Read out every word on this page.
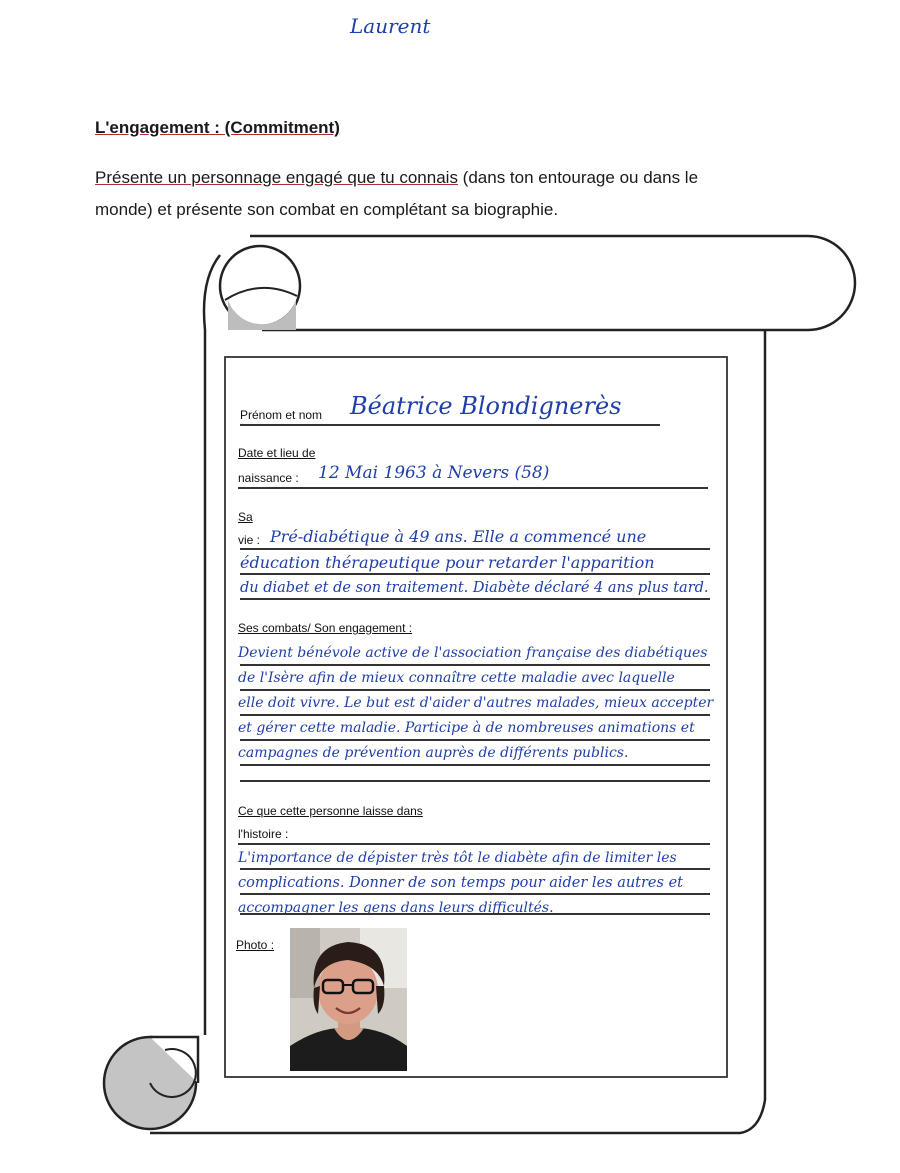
Laurent
L'engagement : (Commitment)
Présente un personnage engagé que tu connais (dans ton entourage ou dans le
monde) et présente son combat en complétant sa biographie.
Prénom et nom Béatrice Blondignerès
Date et lieu de
naissance : 12 Mai 1963 à Nevers (58)
Sa
vie : Pré-diabétique à 49 ans. Elle a commencé une
éducation thérapeutique pour retarder l'apparition
du diabet et de son traitement. Diabète déclaré 4 ans plus tard.
Ses combats/ Son engagement :
Devient bénévole active de l'association française des diabétiques
de l'Isère afin de mieux connaître cette maladie avec laquelle
elle doit vivre. Le but est d'aider d'autres malades, mieux accepter
et gérer cette maladie. Participe à de nombreuses animations et
campagnes de prévention auprès de différents publics.
Ce que cette personne laisse dans
l'histoire :
L'importance de dépister très tôt le diabète afin de limiter les
complications. Donner de son temps pour aider les autres et
accompagner les gens dans leurs difficultés.
Photo :
